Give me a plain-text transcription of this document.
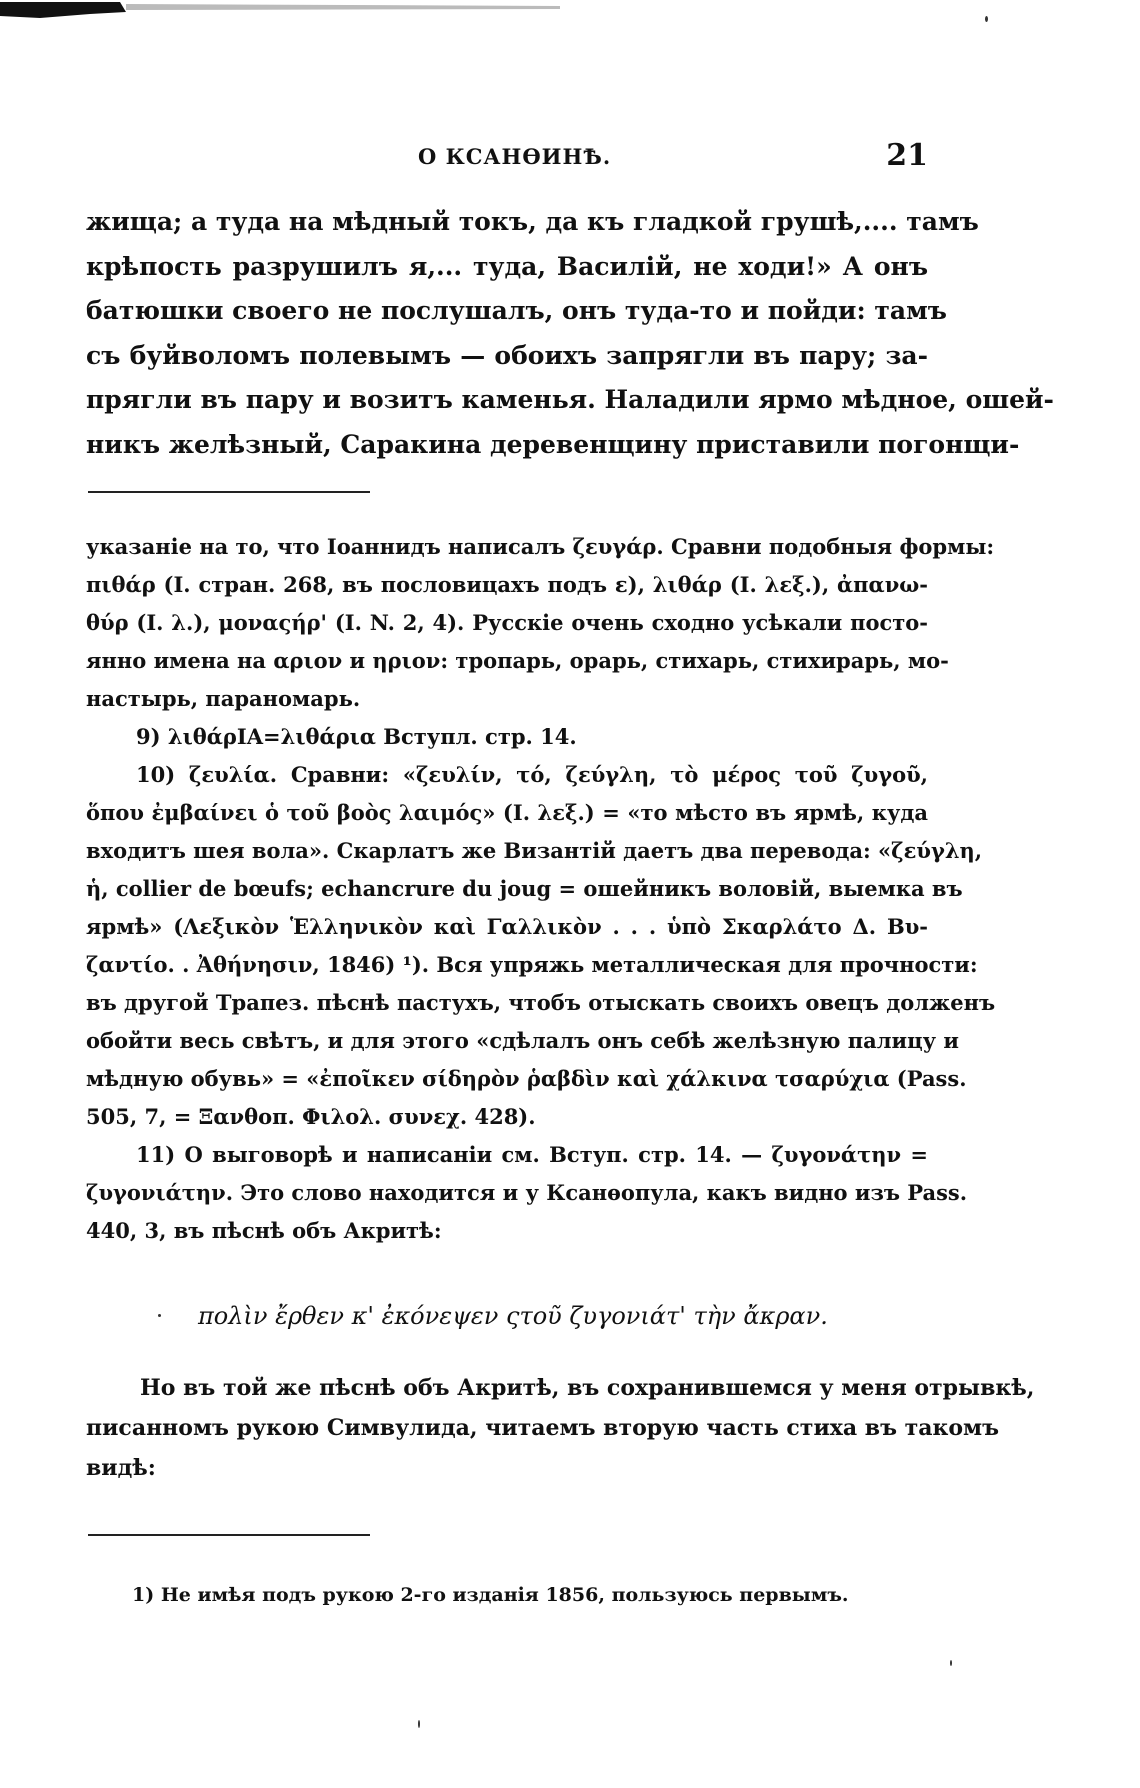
О КСАНѲИНѢ.	21
жища; а туда на мѣдный токъ, да къ гладкой грушѣ,.... тамъ
крѣпость разрушилъ я,... туда, Василій, не ходи!» А онъ
батюшки своего не послушалъ, онъ туда-то и пойди: тамъ
съ буйволомъ полевымъ — обоихъ запрягли въ пару; за-
прягли въ пару и возитъ каменья. Наладили ярмо мѣдное, ошей-
никъ желѣзный, Саракина деревенщину приставили погонщи-
указаніе на то, что Іоаннидъ написалъ ζευγάρ. Сравни подобныя формы:
πιθάρ (I. стран. 268, въ пословицахъ подъ ε), λιθάρ (I. λεξ.), ἀπανω-
θύρ (I. λ.), μοναςήρ' (I. N. 2, 4). Русскіе очень сходно усѣкали посто-
янно имена на αριον и ηριον: тропарь, орарь, стихарь, стихирарь, мо-
настырь, параномарь.
9) λιθάρΙΑ=λιθάρια Вступл. стр. 14.
10) ζευλία. Сравни: «ζευλίν, τό, ζεύγλη, τὸ μέρος τοῦ ζυγοῦ,
ὅπου ἐμβαίνει ὁ τοῦ βοὸς λαιμός» (I. λεξ.) = «то мѣсто въ ярмѣ, куда
входитъ шея вола». Скарлатъ же Византій даетъ два перевода: «ζεύγλη,
ἡ, collier de bœufs; echancrure du joug = ошейникъ воловій, выемка въ
ярмѣ» (Λεξικὸν Ἑλληνικὸν καὶ Γαλλικὸν . . . ὑπὸ Σκαρλάτο Δ. Βυ-
ζαντίο. . Ἀθήνησιν, 1846) ¹). Вся упряжь металлическая для прочности:
въ другой Трапез. пѣснѣ пастухъ, чтобъ отыскать своихъ овецъ долженъ
обойти весь свѣтъ, и для этого «сдѣлалъ онъ себѣ желѣзную палицу и
мѣдную обувь» = «ἐποῖκεν σίδηρὸν ῥαβδὶν καὶ χάλκινα τσαρύχια (Pass.
505, 7, = Ξανθοπ. Φιλολ. συνεχ. 428).
11) О выговорѣ и написаніи см. Вступ. стр. 14. — ζυγονάτην =
ζυγονιάτην. Это слово находится и у Ксанѳопула, какъ видно изъ Pass.
440, 3, въ пѣснѣ объ Акритѣ:
πολὶν ἔρθεν κ' ἐκόνεψεν ςτοῦ ζυγονιάτ' τὴν ἄκραν.
Но въ той же пѣснѣ объ Акритѣ, въ сохранившемся у меня отрывкѣ,
писанномъ рукою Симвулида, читаемъ вторую часть стиха въ такомъ
видѣ:
1) Не имѣя подъ рукою 2-го изданія 1856, пользуюсь первымъ.
